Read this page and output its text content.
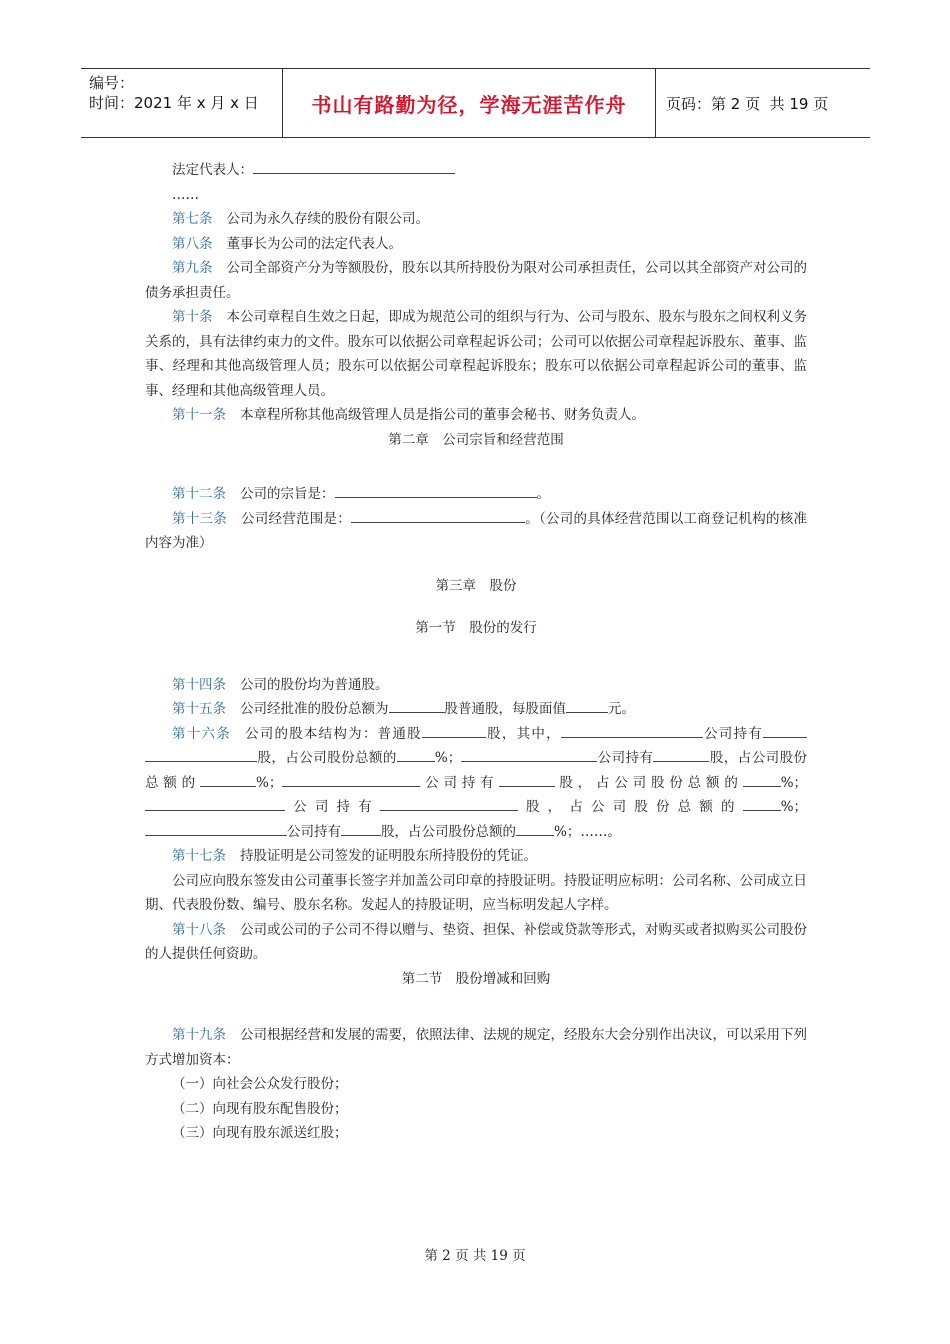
编号：
时间：2021 年 x 月 x 日	书山有路勤为径，学海无涯苦作舟	页码：第 2 页  共 19 页

法定代表人：

……

第七条 公司为永久存续的股份有限公司。

第八条 董事长为公司的法定代表人。

第九条 公司全部资产分为等额股份，股东以其所持股份为限对公司承担责任，公司以其全部资产对公司的债务承担责任。

第十条 本公司章程自生效之日起，即成为规范公司的组织与行为、公司与股东、股东与股东之间权利义务关系的，具有法律约束力的文件。股东可以依据公司章程起诉公司；公司可以依据公司章程起诉股东、董事、监事、经理和其他高级管理人员；股东可以依据公司章程起诉股东；股东可以依据公司章程起诉公司的董事、监事、经理和其他高级管理人员。

第十一条 本章程所称其他高级管理人员是指公司的董事会秘书、财务负责人。

第二章　公司宗旨和经营范围

第十二条 公司的宗旨是：	。

第十三条 公司经营范围是：	。（公司的具体经营范围以工商登记机构的核准内容为准）

第三章　股份

第一节　股份的发行

第十四条 公司的股份均为普通股。

第十五条 公司经批准的股份总额为	股普通股，每股面值	元。

第十六条 公司的股本结构为：普通股	股，其中，	公司持有股，占公司股份总额的	%；	公司持有	股，占公司股份总额的	%；	公司持有	股，占公司股份总额的	%；公司持有	股，占公司股份总额的	%；公司持有	股，占公司股份总额的	%；……。

第十七条 持股证明是公司签发的证明股东所持股份的凭证。

公司应向股东签发由公司董事长签字并加盖公司印章的持股证明。持股证明应标明：公司名称、公司成立日期、代表股份数、编号、股东名称。发起人的持股证明，应当标明发起人字样。

第十八条 公司或公司的子公司不得以赠与、垫资、担保、补偿或贷款等形式，对购买或者拟购买公司股份的人提供任何资助。

第二节　股份增减和回购

第十九条 公司根据经营和发展的需要，依照法律、法规的规定，经股东大会分别作出决议，可以采用下列方式增加资本：

（一）向社会公众发行股份；

（二）向现有股东配售股份；

（三）向现有股东派送红股；

第 2 页 共 19 页
